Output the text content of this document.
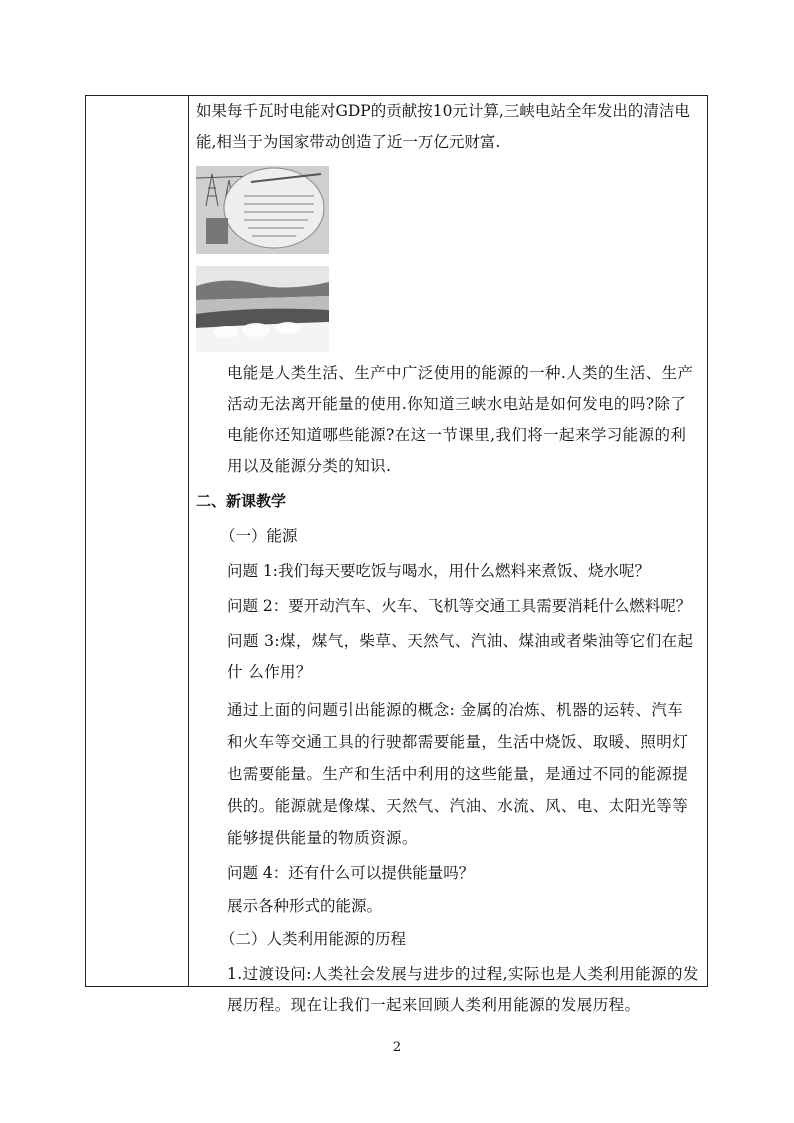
如果每千瓦时电能对GDP的贡献按10元计算,三峡电站全年发出的清洁电

能,相当于为国家带动创造了近一万亿元财富.

电能是人类生活、生产中广泛使用的能源的一种.人类的生活、生产活动无法离开能量的使用.你知道三峡水电站是如何发电的吗?除了电能你还知道哪些能源?在这一节课里,我们将一起来学习能源的利用以及能源分类的知识.

二、新课教学

（一）能源

问题 1:我们每天要吃饭与喝水，用什么燃料来煮饭、烧水呢？

问题 2：要开动汽车、火车、飞机等交通工具需要消耗什么燃料呢？

问题 3:煤，煤气，柴草、天然气、汽油、煤油或者柴油等它们在起什 么作用？

通过上面的问题引出能源的概念: 金属的冶炼、机器的运转、汽车和火车等交通工具的行驶都需要能量，生活中烧饭、取暖、照明灯也需要能量。生产和生活中利用的这些能量，是通过不同的能源提供的。能源就是像煤、天然气、汽油、水流、风、电、太阳光等等能够提供能量的物质资源。

问题 4：还有什么可以提供能量吗？

展示各种形式的能源。

（二）人类利用能源的历程

1.过渡设问:人类社会发展与进步的过程,实际也是人类利用能源的发展历程。现在让我们一起来回顾人类利用能源的发展历程。

2
